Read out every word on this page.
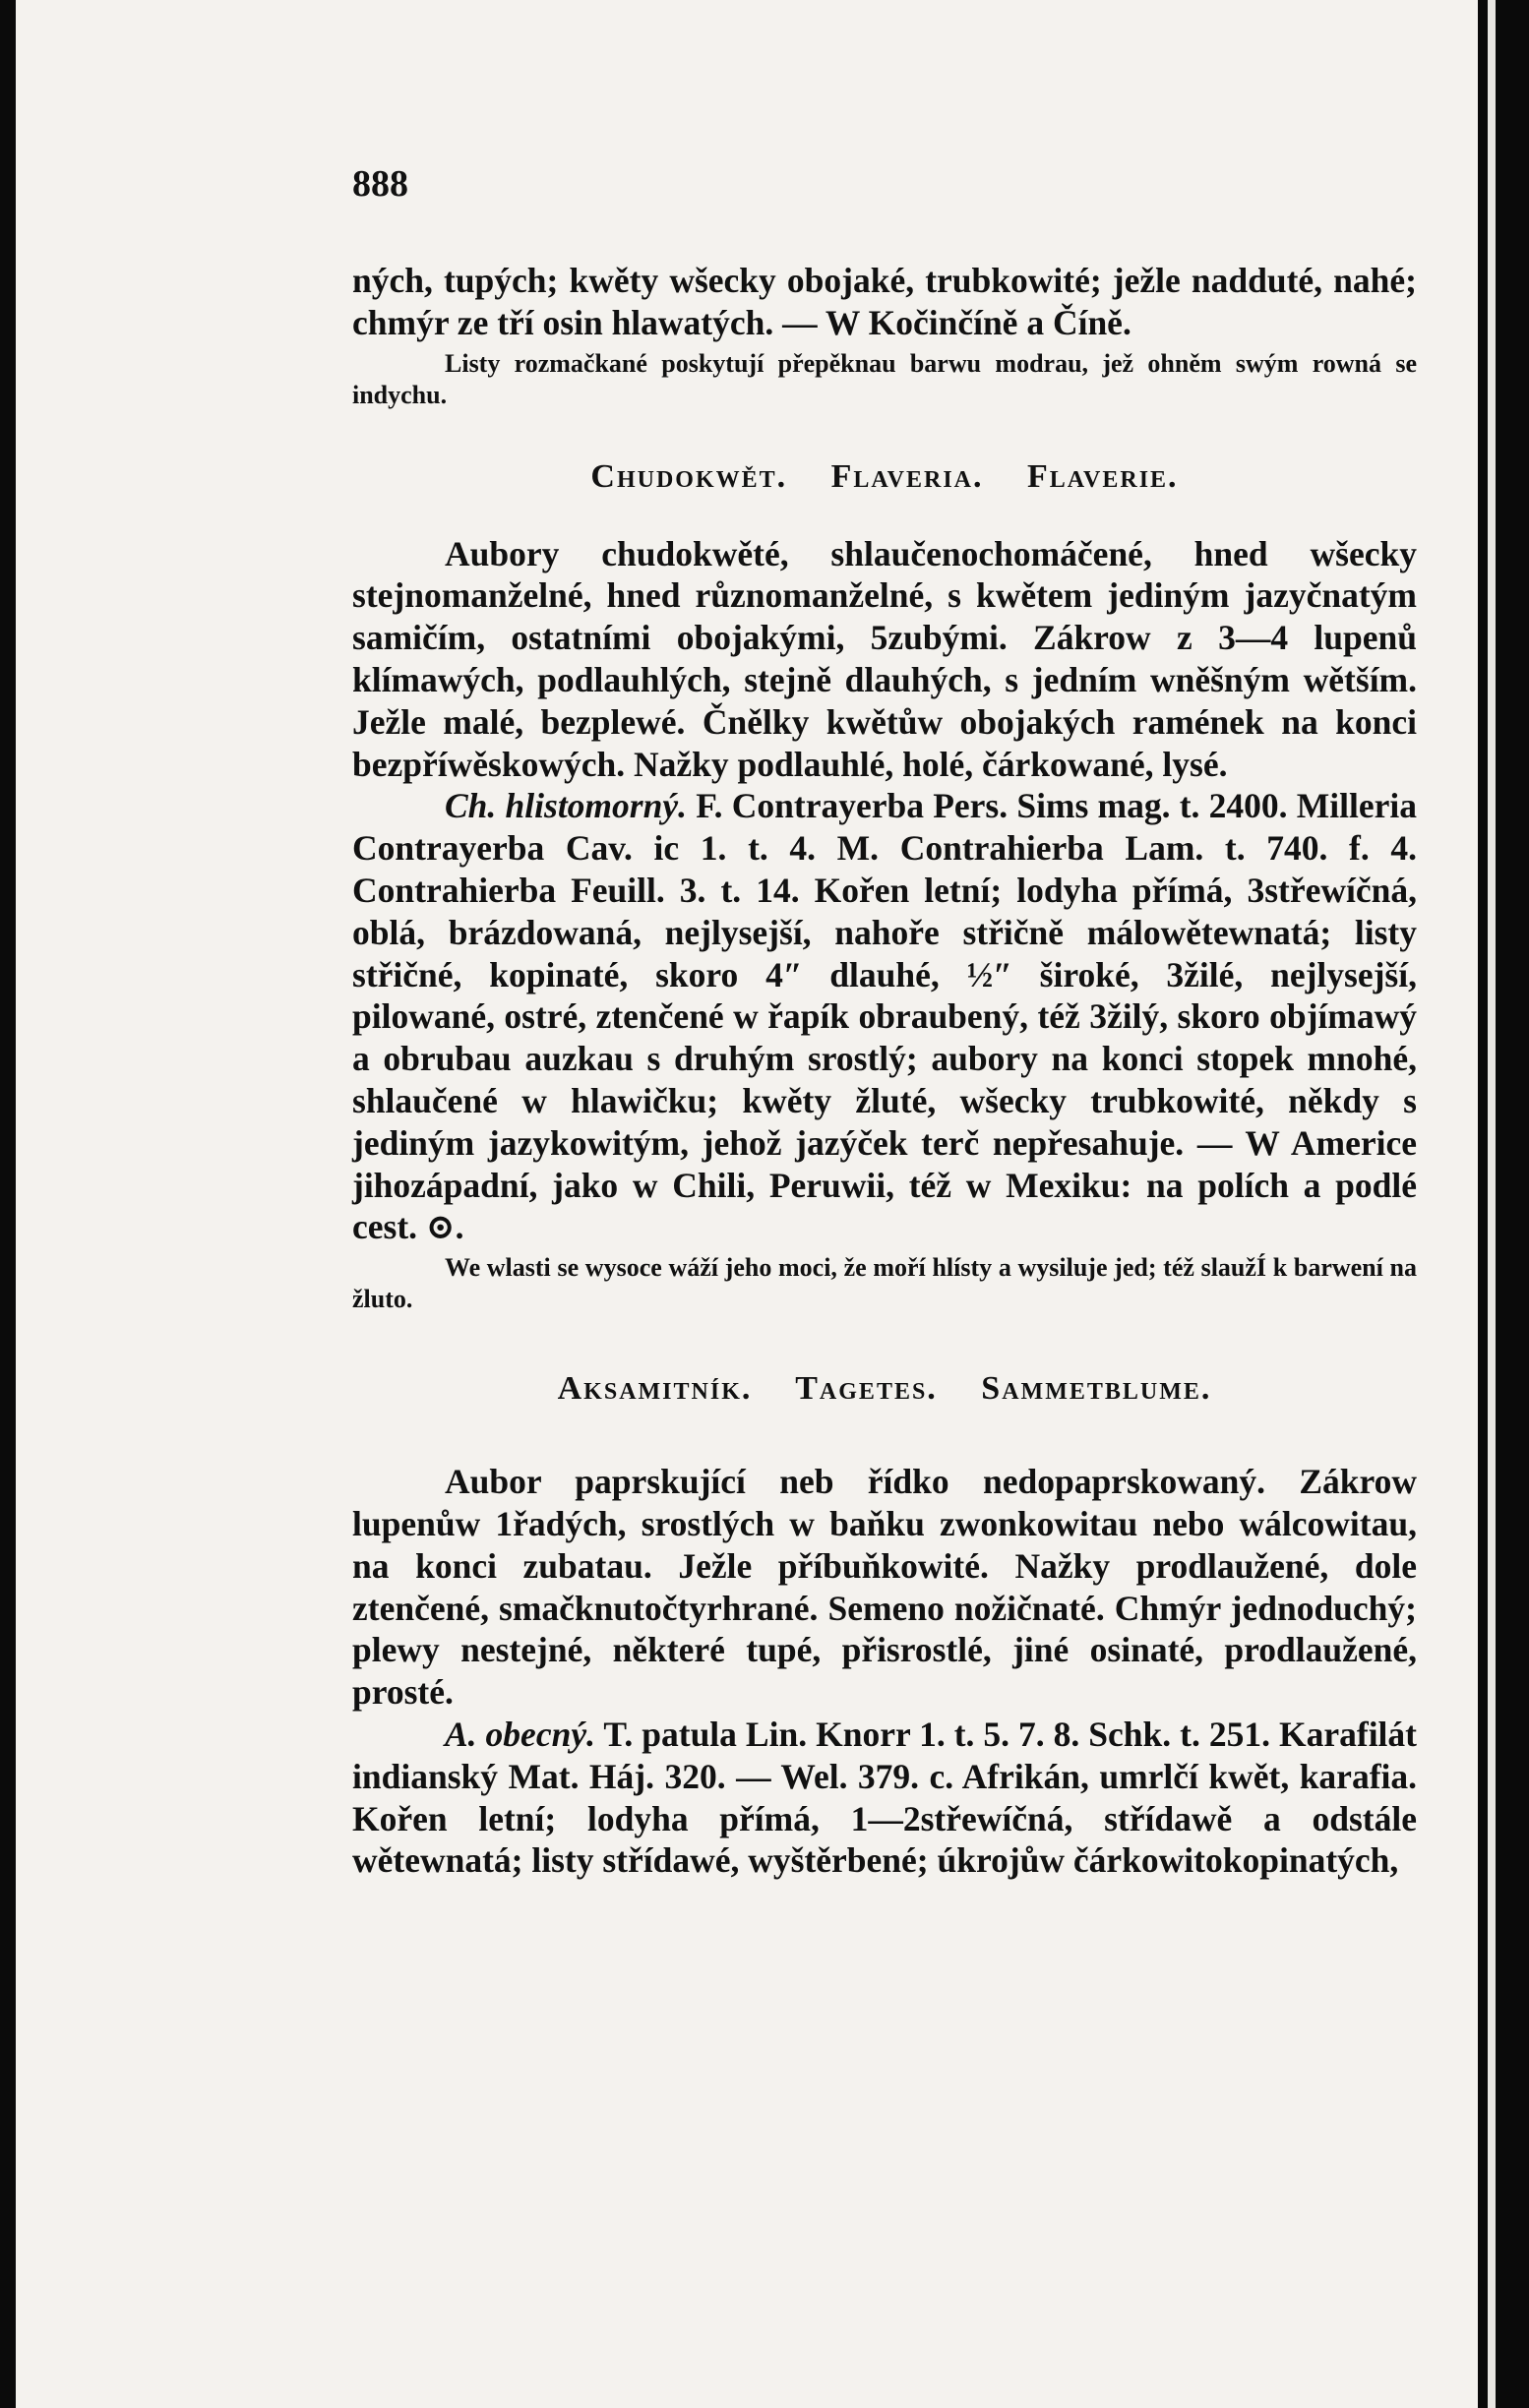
888

ných, tupých; kwěty wšecky obojaké, trubkowité; ježle nadduté, nahé; chmýr ze tří osin hlawatých. — W Kočinčíně a Číně.

Listy rozmačkané poskytují přepěknau barwu modrau, jež ohněm swým rowná se indychu.

Chudokwět. Flaveria. Flaverie.

Aubory chudokwěté, shlaučenochomáčené, hned wšecky stejnomanželné, hned různomanželné, s kwětem jediným jazyčnatým samičím, ostatními obojakými, 5zubými. Zákrow z 3—4 lupenů klímawých, podlauhlých, stejně dlauhých, s jedním wněšným wětším. Ježle malé, bezplewé. Čnělky kwětůw obojakých ramének na konci bezpříwěskowých. Nažky podlauhlé, holé, čárkowané, lysé.

Ch. hlistomorný. F. Contrayerba Pers. Sims mag. t. 2400. Milleria Contrayerba Cav. ic 1. t. 4. M. Contrahierba Lam. t. 740. f. 4. Contrahierba Feuill. 3. t. 14. Kořen letní; lodyha přímá, 3střewíčná, oblá, brázdowaná, nejlysejší, nahoře střičně málowětewnatá; listy střičné, kopinaté, skoro 4″ dlauhé, ½″ široké, 3žilé, nejlysejší, pilowané, ostré, ztenčené w řapík obraubený, též 3žilý, skoro objímawý a obrubau auzkau s druhým srostlý; aubory na konci stopek mnohé, shlaučené w hlawičku; kwěty žluté, wšecky trubkowité, někdy s jediným jazykowitým, jehož jazýček terč nepřesahuje. — W Americe jihozápadní, jako w Chili, Peruwii, též w Mexiku: na polích a podlé cest. ⊙.

We wlasti se wysoce wáží jeho moci, že moří hlísty a wysiluje jed; též slaužÍ k barwení na žluto.

Aksamitník. Tagetes. Sammetblume.

Aubor paprskující neb řídko nedopaprskowaný. Zákrow lupenůw 1řadých, srostlých w baňku zwonkowitau nebo wálcowitau, na konci zubatau. Ježle příbuňkowité. Nažky prodlaužené, dole ztenčené, smačknutočtyrhrané. Semeno nožičnaté. Chmýr jednoduchý; plewy nestejné, některé tupé, přisrostlé, jiné osinaté, prodlaužené, prosté.

A. obecný. T. patula Lin. Knorr 1. t. 5. 7. 8. Schk. t. 251. Karafilát indianský Mat. Háj. 320. — Wel. 379. c. Afrikán, umrlčí kwět, karafia. Kořen letní; lodyha přímá, 1—2střewíčná, střídawě a odstále wětewnatá; listy střídawé, wyštěrbené; úkrojůw čárkowitokopinatých,
